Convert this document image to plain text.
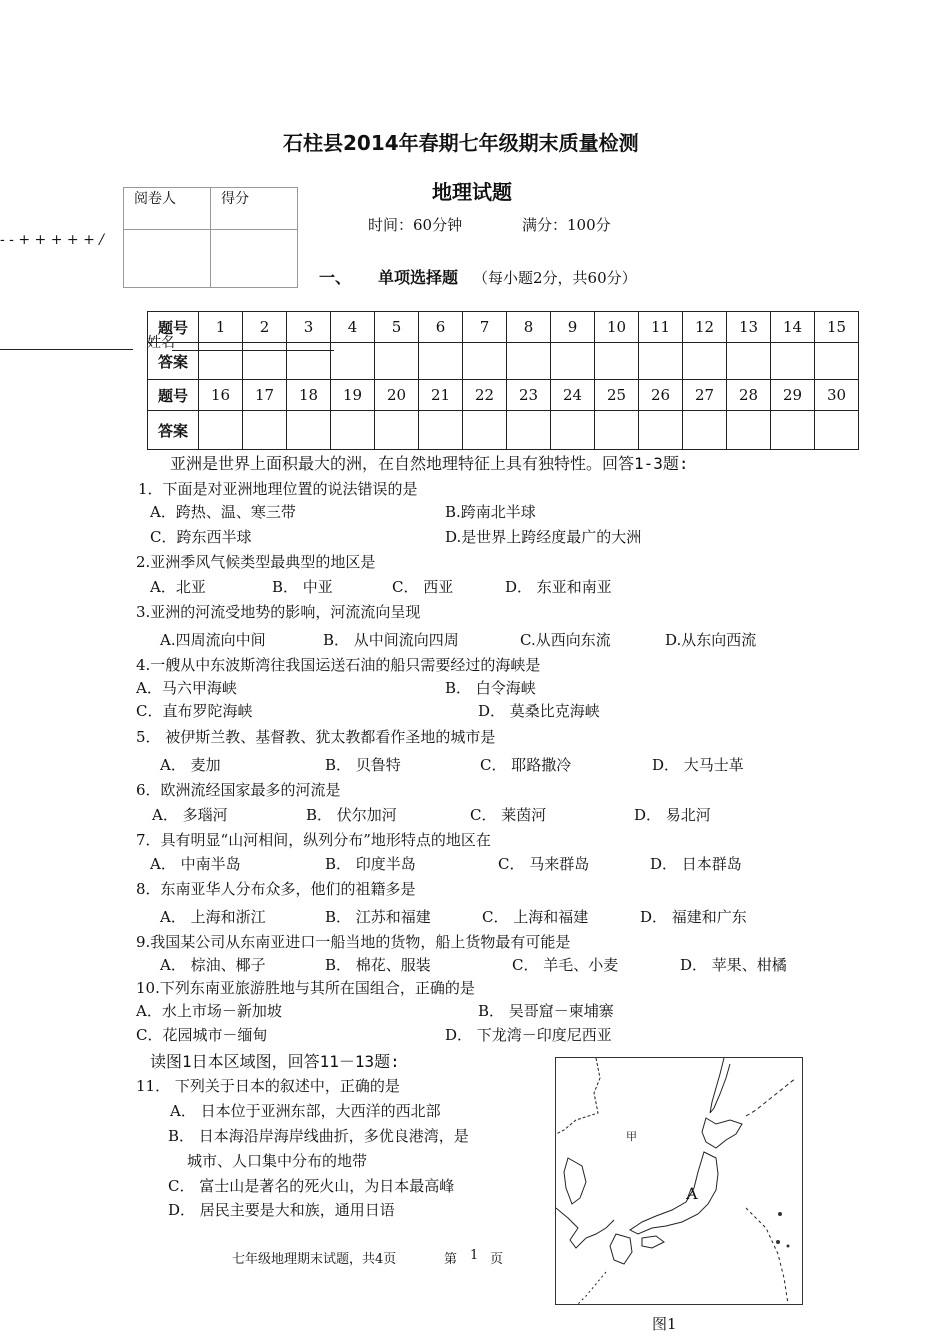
- - + + + + + /
姓名
石柱县2014年春期七年级期末质量检测
地理试题
时间：60分钟	满分：100分
阅卷人	得分

一、 单项选择题 （每小题2分，共60分）
题号	1	2	3	4	5	6	7	8	9	10	11	12	13	14	15
答案															
题号	16	17	18	19	20	21	22	23	24	25	26	27	28	29	30
答案															
亚洲是世界上面积最大的洲，在自然地理特征上具有独特性。回答1-3题:
1．下面是对亚洲地理位置的说法错误的是
A．跨热、温、寒三带	B.跨南北半球
C．跨东西半球	D.是世界上跨经度最广的大洲
2.亚洲季风气候类型最典型的地区是
A．北亚	B． 中亚	C． 西亚	D． 东亚和南亚
3.亚洲的河流受地势的影响，河流流向呈现
A.四周流向中间	B． 从中间流向四周	C.从西向东流	D.从东向西流
4.一艘从中东波斯湾往我国运送石油的船只需要经过的海峡是
A．马六甲海峡	B． 白令海峡
C．直布罗陀海峡	D． 莫桑比克海峡
5． 被伊斯兰教、基督教、犹太教都看作圣地的城市是
A． 麦加	B． 贝鲁特	C． 耶路撒冷	D． 大马士革
6．欧洲流经国家最多的河流是
A． 多瑙河	B． 伏尔加河	C． 莱茵河	D． 易北河
7．具有明显“山河相间，纵列分布”地形特点的地区在
A． 中南半岛	B． 印度半岛	C． 马来群岛	D． 日本群岛
8．东南亚华人分布众多，他们的祖籍多是
A． 上海和浙江	B． 江苏和福建	C． 上海和福建	D． 福建和广东
9.我国某公司从东南亚进口一船当地的货物，船上货物最有可能是
A． 棕油、椰子	B． 棉花、服装	C． 羊毛、小麦	D． 苹果、柑橘
10.下列东南亚旅游胜地与其所在国组合，正确的是
A．水上市场－新加坡	B． 吴哥窟－柬埔寨
C．花园城市－缅甸	D． 下龙湾－印度尼西亚
读图1日本区域图，回答11－13题:
11． 下列关于日本的叙述中，正确的是
A． 日本位于亚洲东部，大西洋的西北部
B． 日本海沿岸海岸线曲折，多优良港湾，是
城市、人口集中分布的地带
C． 富士山是著名的死火山，为日本最高峰
D． 居民主要是大和族，通用日语
甲
A
图1
七年级地理期末试题，共4页	第 1 页
